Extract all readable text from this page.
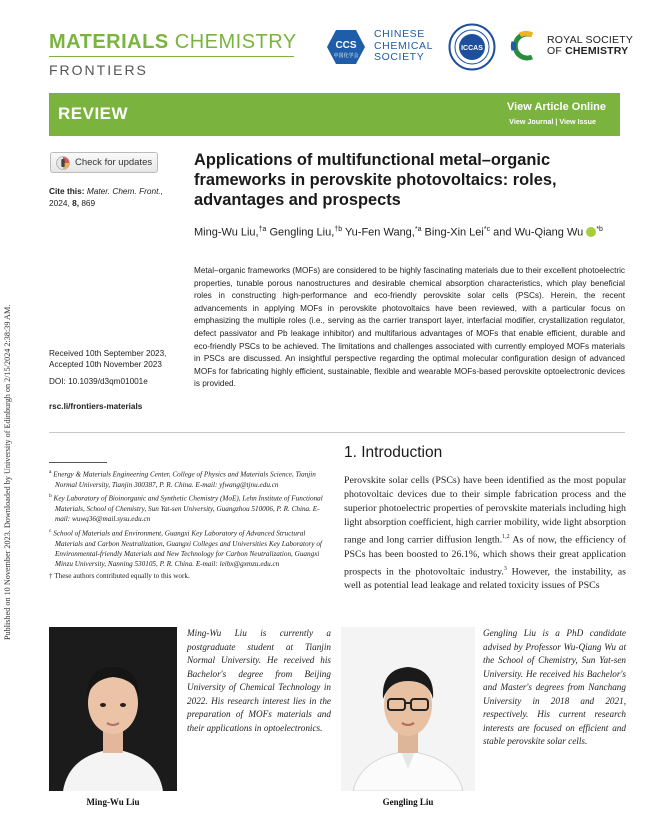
Published on 10 November 2023. Downloaded by University of Edinburgh on 2/15/2024 2:38:39 AM.
MATERIALS CHEMISTRY
FRONTIERS
CCS
中国化学会
CHINESE
CHEMICAL
SOCIETY
ICCAS
ROYAL SOCIETY
OF CHEMISTRY
REVIEW	View Article Online
View Journal | View Issue
Check for updates
Cite this: Mater. Chem. Front.,
2024, 8, 869
Applications of multifunctional metal–organic frameworks in perovskite photovoltaics: roles, advantages and prospects
Ming-Wu Liu,$^{\dagger a}$ Gengling Liu,$^{\dagger b}$ Yu-Fen Wang,$^{*a}$ Bing-Xin Lei$^{*c}$ and Wu-Qiang Wu $^{*b}$
Metal–organic frameworks (MOFs) are considered to be highly fascinating materials due to their excellent photoelectric properties, tunable porous nanostructures and desirable chemical absorption characteristics, which play beneficial roles in constructing high-performance and eco-friendly perovskite solar cells (PSCs). Herein, the recent advancements in applying MOFs in perovskite photovoltaics have been reviewed, with a particular focus on emphasizing the multiple roles (i.e., serving as the carrier transport layer, interfacial modifier, crystallization regulator, defect passivator and Pb leakage inhibitor) and multifarious advantages of MOFs that enable efficient, durable and eco-friendly PSCs to be achieved. The limitations and challenges associated with currently employed MOFs materials in PSCs are discussed. An insightful perspective regarding the optimal molecular configuration design of advanced MOFs for fabricating highly efficient, sustainable, flexible and wearable MOFs-based perovskite optoelectronic devices is provided.
Received 10th September 2023,
Accepted 10th November 2023
DOI: 10.1039/d3qm01001e
rsc.li/frontiers-materials

$^a$ Energy & Materials Engineering Center, College of Physics and Materials Science, Tianjin Normal University, Tianjin 300387, P. R. China. E-mail: yfwang@tjnu.edu.cn

$^b$ Key Laboratory of Bioinorganic and Synthetic Chemistry (MoE), Lehn Institute of Functional Materials, School of Chemistry, Sun Yat-sen University, Guangzhou 510006, P. R. China. E-mail: wuwq36@mail.sysu.edu.cn

$^c$ School of Materials and Environment, Guangxi Key Laboratory of Advanced Structural Materials and Carbon Neutralization, Guangxi Colleges and Universities Key Laboratory of Environmental-friendly Materials and New Technology for Carbon Neutralization, Guangxi Minzu University, Nanning 530105, P. R. China. E-mail: leibx@gxmzu.edu.cn

† These authors contributed equally to this work.

1. Introduction
Perovskite solar cells (PSCs) have been identified as the most popular photovoltaic devices due to their simple fabrication process and the superior photoelectric properties of perovskite materials including high light absorption coefficient, high carrier mobility, wide light absorption range and long carrier diffusion length.$^{1,2}$ As of now, the efficiency of PSCs has been boosted to 26.1%, which shows their great application prospects in the photovoltaic industry.$^3$ However, the instability, as well as potential lead leakage and related toxicity issues of PSCs
Ming-Wu Liu
Ming-Wu Liu is currently a postgraduate student at Tianjin Normal University. He received his Bachelor's degree from Beijing University of Chemical Technology in 2022. His research interest lies in the preparation of MOFs materials and their applications in optoelectronics.
Gengling Liu
Gengling Liu is a PhD candidate advised by Professor Wu-Qiang Wu at the School of Chemistry, Sun Yat-sen University. He received his Bachelor's and Master's degrees from Nanchang University in 2018 and 2021, respectively. His current research interests are focused on efficient and stable perovskite solar cells.
